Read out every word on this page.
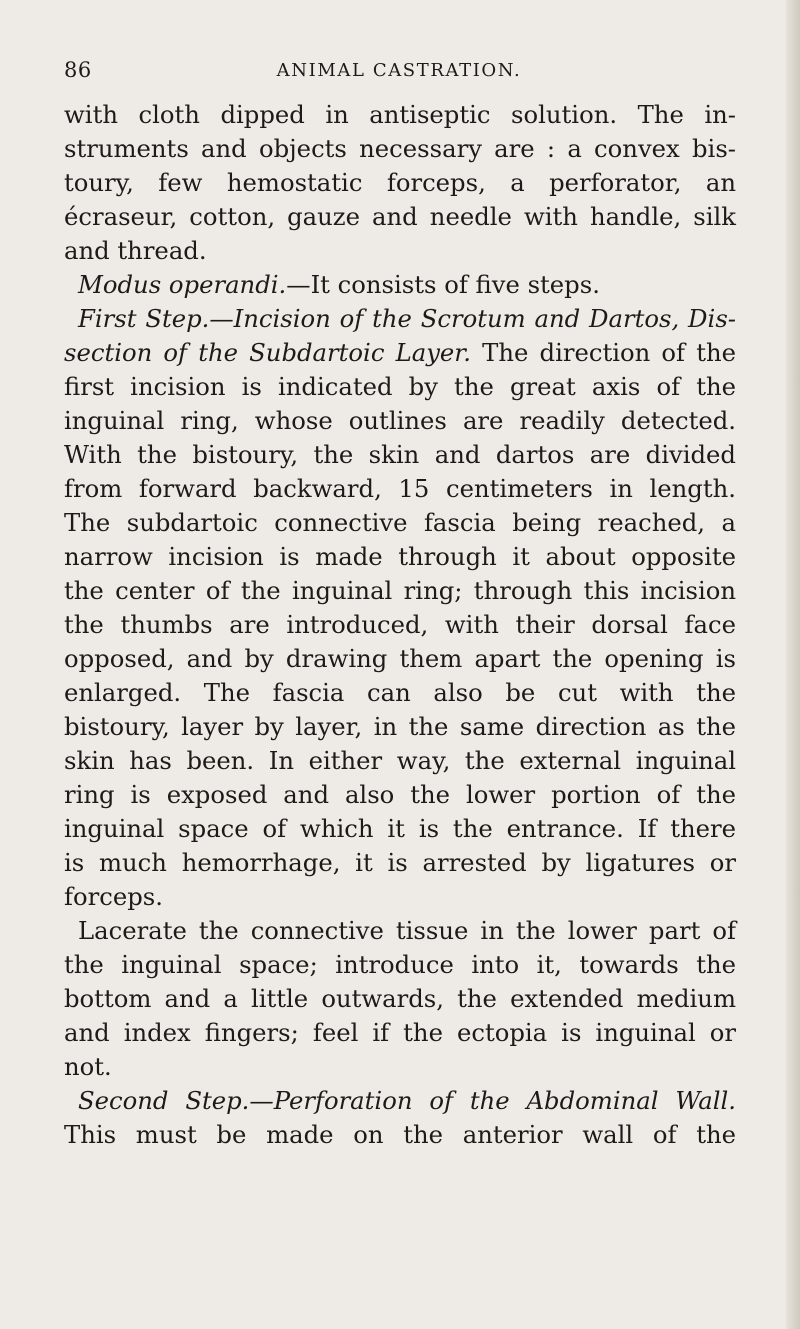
86	ANIMAL CASTRATION.
with cloth dipped in antiseptic solution. The in-
struments and objects necessary are : a convex bis-
toury, few hemostatic forceps, a perforator, an
écraseur, cotton, gauze and needle with handle, silk
and thread.
Modus operandi.—It consists of five steps.
First Step.—Incision of the Scrotum and Dartos, Dis-
section of the Subdartoic Layer. The direction of the
first incision is indicated by the great axis of the
inguinal ring, whose outlines are readily detected.
With the bistoury, the skin and dartos are divided
from forward backward, 15 centimeters in length.
The subdartoic connective fascia being reached, a
narrow incision is made through it about opposite
the center of the inguinal ring; through this incision
the thumbs are introduced, with their dorsal face
opposed, and by drawing them apart the opening is
enlarged. The fascia can also be cut with the
bistoury, layer by layer, in the same direction as the
skin has been. In either way, the external inguinal
ring is exposed and also the lower portion of the
inguinal space of which it is the entrance. If there
is much hemorrhage, it is arrested by ligatures or
forceps.
Lacerate the connective tissue in the lower part of
the inguinal space; introduce into it, towards the
bottom and a little outwards, the extended medium
and index fingers; feel if the ectopia is inguinal or
not.
Second Step.—Perforation of the Abdominal Wall.
This must be made on the anterior wall of the
